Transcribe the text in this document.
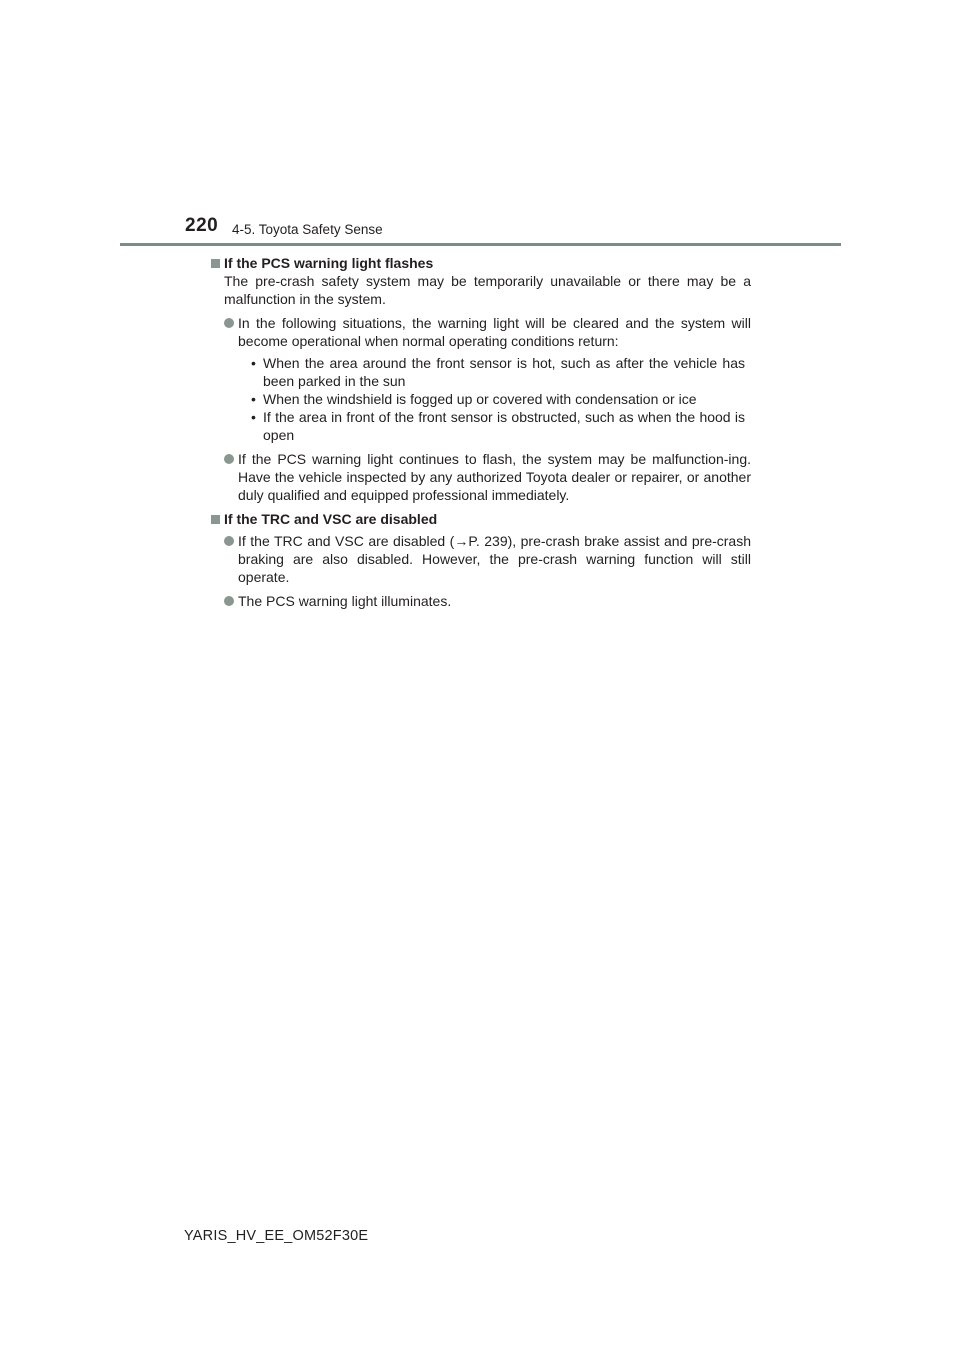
220 4-5. Toyota Safety Sense
If the PCS warning light flashes
The pre-crash safety system may be temporarily unavailable or there may be a malfunction in the system.
In the following situations, the warning light will be cleared and the system will become operational when normal operating conditions return:
• When the area around the front sensor is hot, such as after the vehicle has been parked in the sun
• When the windshield is fogged up or covered with condensation or ice
• If the area in front of the front sensor is obstructed, such as when the hood is open
If the PCS warning light continues to flash, the system may be malfunction-ing. Have the vehicle inspected by any authorized Toyota dealer or repairer, or another duly qualified and equipped professional immediately.
If the TRC and VSC are disabled
If the TRC and VSC are disabled (→P. 239), pre-crash brake assist and pre-crash braking are also disabled. However, the pre-crash warning function will still operate.
The PCS warning light illuminates.
YARIS_HV_EE_OM52F30E
